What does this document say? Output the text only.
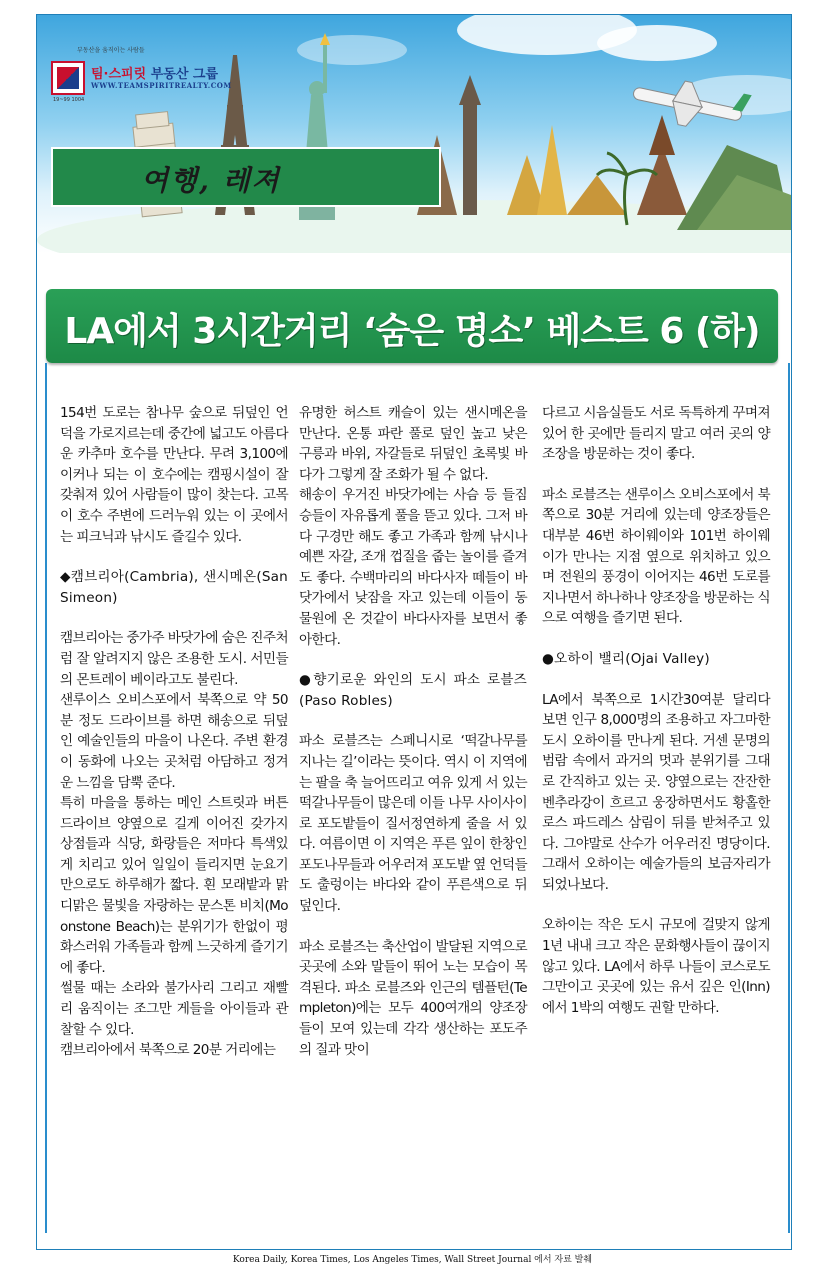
부동산을 움직이는 사람들
팀·스피릿 부동산 그룹
WWW.TEAMSPIRITREALTY.COM
19~99 1004
여행, 레져
LA에서 3시간거리 ‘숨은 명소’ 베스트 6 (하)

154번 도로는 참나무 숲으로 뒤덮인 언덕을 가로지르는데 중간에 넓고도 아름다운 카추마 호수를 만난다. 무려 3,100에이커나 되는 이 호수에는 캠핑시설이 잘 갖춰져 있어 사람들이 많이 찾는다. 고목이 호수 주변에 드러누워 있는 이 곳에서는 피크닉과 낚시도 즐길수 있다.

◆캠브리아(Cambria), 샌시메온(San Simeon)

캠브리아는 중가주 바닷가에 숨은 진주처럼 잘 알려지지 않은 조용한 도시. 서민들의 몬트레이 베이라고도 불린다.

샌루이스 오비스포에서 북쪽으로 약 50분 정도 드라이브를 하면 해송으로 뒤덮인 예술인들의 마을이 나온다. 주변 환경이 동화에 나오는 곳처럼 아담하고 정겨운 느낌을 담뿍 준다.

특히 마을을 통하는 메인 스트릿과 버튼 드라이브 양옆으로 길게 이어진 갖가지 상점들과 식당, 화랑들은 저마다 특색있게 치리고 있어 일일이 들리지면 눈요기만으로도 하루해가 짧다. 흰 모래밭과 맑디맑은 물빛을 자랑하는 문스톤 비치(Moonstone Beach)는 분위기가 한없이 평화스러워 가족들과 함께 느긋하게 즐기기에 좋다.

썰물 때는 소라와 불가사리 그리고 재빨리 움직이는 조그만 게들을 아이들과 관찰할 수 있다.

캠브리아에서 북쪽으로 20분 거리에는

유명한 허스트 캐슬이 있는 샌시메온을 만난다. 온통 파란 풀로 덮인 높고 낮은 구릉과 바위, 자갈들로 뒤덮인 초록빛 바다가 그렇게 잘 조화가 될 수 없다.

해송이 우거진 바닷가에는 사슴 등 들짐승들이 자유롭게 풀을 뜯고 있다. 그저 바다 구경만 해도 좋고 가족과 함께 낚시나 예쁜 자갈, 조개 껍질을 줍는 놀이를 즐겨도 좋다. 수백마리의 바다사자 떼들이 바닷가에서 낮잠을 자고 있는데 이들이 동물원에 온 것같이 바다사자를 보면서 좋아한다.

●향기로운 와인의 도시 파소 로블즈(Paso Robles)

파소 로블즈는 스페니시로 ‘떡갈나무를 지나는 길’이라는 뜻이다. 역시 이 지역에는 팔을 축 늘어뜨리고 여유 있게 서 있는 떡갈나무들이 많은데 이들 나무 사이사이로 포도밭들이 질서정연하게 줄을 서 있다. 여름이면 이 지역은 푸른 잎이 한창인 포도나무들과 어우러져 포도밭 옆 언덕들도 출렁이는 바다와 같이 푸른색으로 뒤덮인다.

파소 로블즈는 축산업이 발달된 지역으로 곳곳에 소와 말들이 뛰어 노는 모습이 목격된다. 파소 로블즈와 인근의 템플턴(Templeton)에는 모두 400여개의 양조장들이 모여 있는데 각각 생산하는 포도주의 질과 맛이

다르고 시음실들도 서로 독특하게 꾸며져 있어 한 곳에만 들리지 말고 여러 곳의 양조장을 방문하는 것이 좋다.

파소 로블즈는 샌루이스 오비스포에서 북쪽으로 30분 거리에 있는데 양조장들은 대부분 46번 하이웨이와 101번 하이웨이가 만나는 지점 옆으로 위치하고 있으며 전원의 풍경이 이어지는 46번 도로를 지나면서 하나하나 양조장을 방문하는 식으로 여행을 즐기면 된다.

●오하이 밸리(Ojai Valley)

LA에서 북쪽으로 1시간30여분 달리다 보면 인구 8,000명의 조용하고 자그마한 도시 오하이를 만나게 된다. 거센 문명의 범람 속에서 과거의 멋과 분위기를 그대로 간직하고 있는 곳. 양옆으로는 잔잔한 벤추라강이 흐르고 웅장하면서도 황홀한 로스 파드레스 삼림이 뒤를 받쳐주고 있다. 그야말로 산수가 어우러진 명당이다. 그래서 오하이는 예술가들의 보금자리가 되었나보다.

오하이는 작은 도시 규모에 걸맞지 않게 1년 내내 크고 작은 문화행사들이 끊이지 않고 있다. LA에서 하루 나들이 코스로도 그만이고 곳곳에 있는 유서 깊은 인(Inn)에서 1박의 여행도 권할 만하다.

Korea Daily, Korea Times, Los Angeles Times, Wall Street Journal 에서 자료 발췌
